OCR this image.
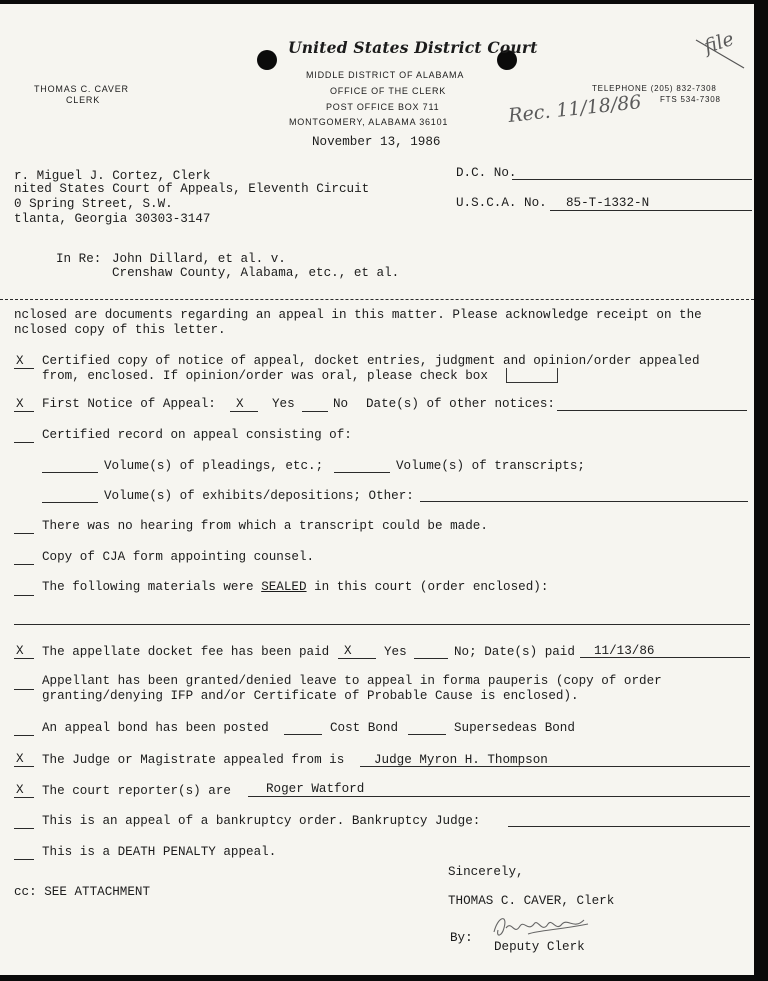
United States District Court
MIDDLE DISTRICT OF ALABAMA
OFFICE OF THE CLERK
POST OFFICE BOX 711
MONTGOMERY, ALABAMA 36101
THOMAS C. CAVER
CLERK
TELEPHONE (205) 832-7308
FTS 534-7308
file
Rec. 11/18/86
November 13, 1986
r. Miguel J. Cortez, Clerk
nited States Court of Appeals, Eleventh Circuit
0 Spring Street, S.W.
tlanta, Georgia 30303-3147
D.C. No.
U.S.C.A. No. 85-T-1332-N
In Re: John Dillard, et al. v.
Crenshaw County, Alabama, etc., et al.
nclosed are documents regarding an appeal in this matter. Please acknowledge receipt on the
nclosed copy of this letter.
X Certified copy of notice of appeal, docket entries, judgment and opinion/order appealed
from, enclosed. If opinion/order was oral, please check box
X First Notice of Appeal: X Yes	No Date(s) of other notices:
Certified record on appeal consisting of:
Volume(s) of pleadings, etc.;	Volume(s) of transcripts;
Volume(s) of exhibits/depositions; Other:
There was no hearing from which a transcript could be made.
Copy of CJA form appointing counsel.
The following materials were SEALED in this court (order enclosed):
X The appellate docket fee has been paid X	Yes	No; Date(s) paid 11/13/86
Appellant has been granted/denied leave to appeal in forma pauperis (copy of order
granting/denying IFP and/or Certificate of Probable Cause is enclosed).
An appeal bond has been posted	Cost Bond	Supersedeas Bond
X The Judge or Magistrate appealed from is Judge Myron H. Thompson
X The court reporter(s) are	Roger Watford
This is an appeal of a bankruptcy order. Bankruptcy Judge:
This is a DEATH PENALTY appeal.
cc: SEE ATTACHMENT
Sincerely,
THOMAS C. CAVER, Clerk
By:
Deputy Clerk
